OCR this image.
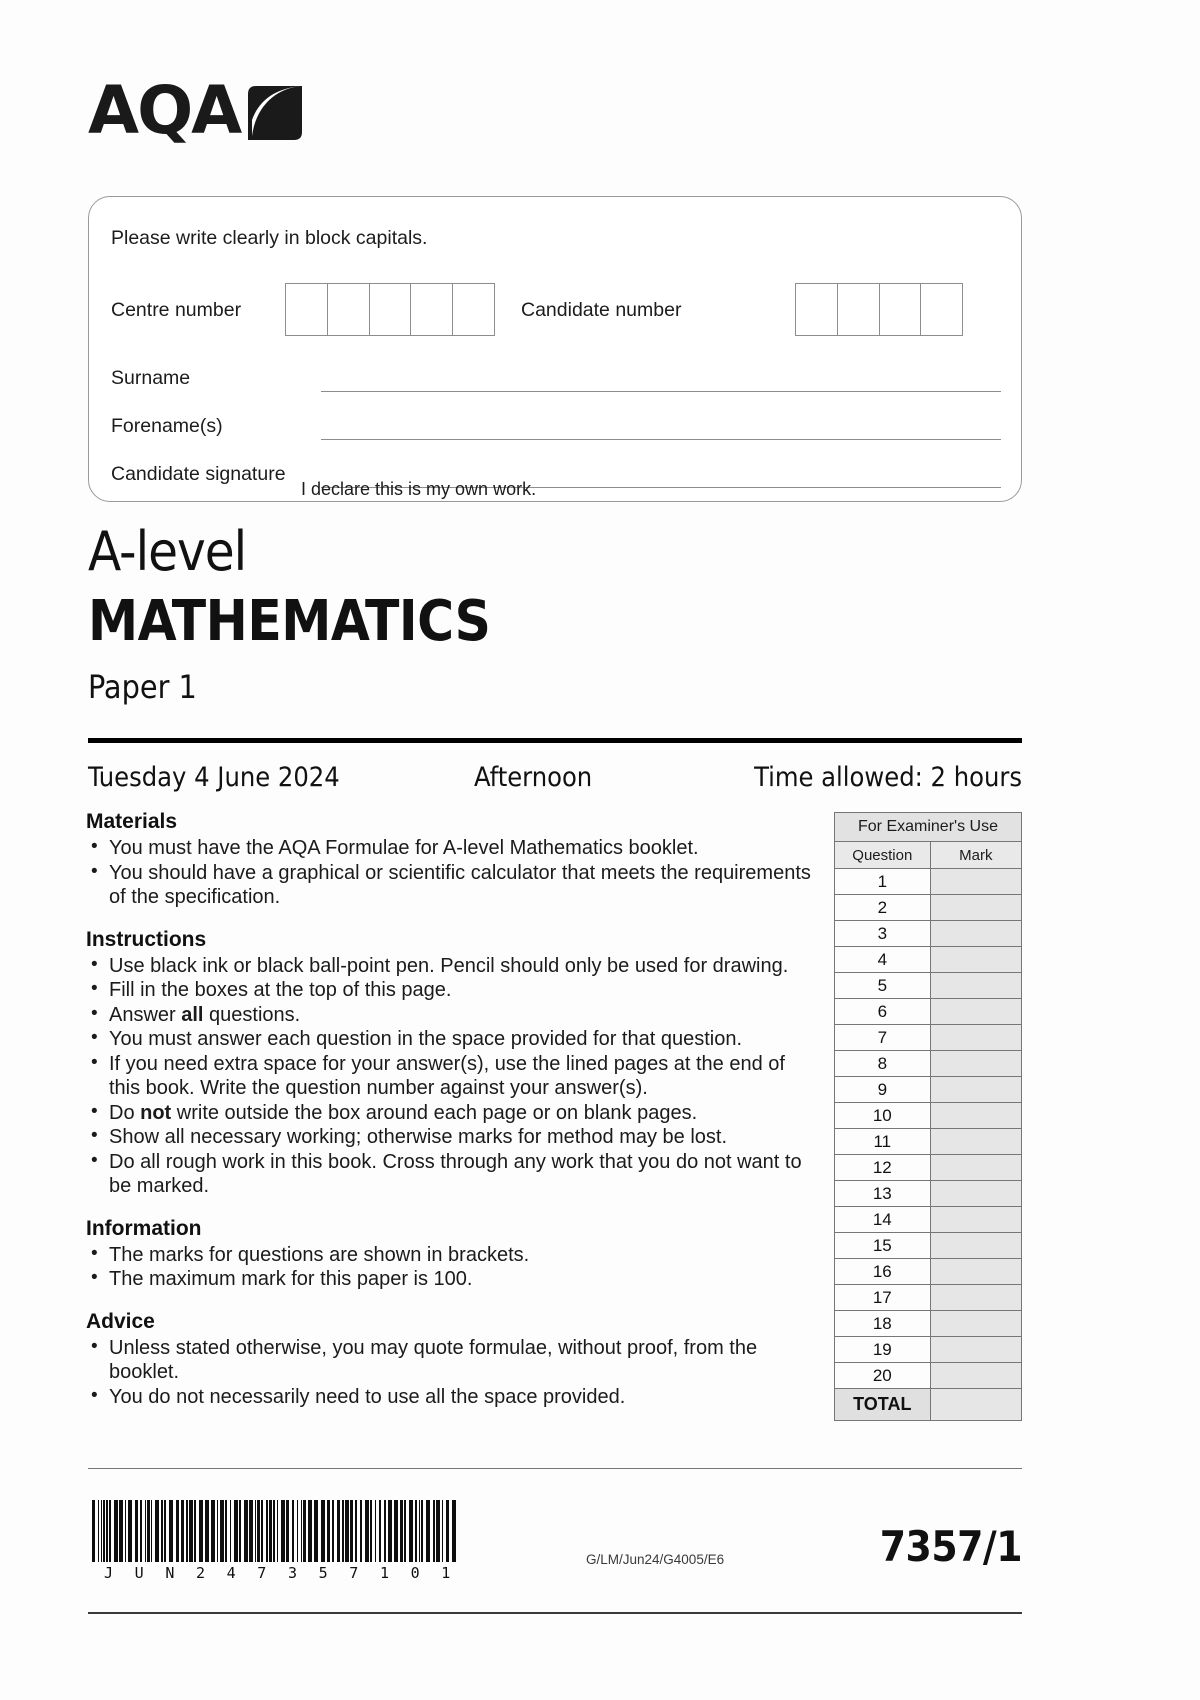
AQA
Please write clearly in block capitals.
Centre number	Candidate number
Surname
Forename(s)
Candidate signature
I declare this is my own work.
A-level
MATHEMATICS
Paper 1
Tuesday 4 June 2024	Afternoon	Time allowed: 2 hours
Materials
• You must have the AQA Formulae for A-level Mathematics booklet.
• You should have a graphical or scientific calculator that meets the requirements of the specification.
Instructions
• Use black ink or black ball-point pen. Pencil should only be used for drawing.
• Fill in the boxes at the top of this page.
• Answer all questions.
• You must answer each question in the space provided for that question.
• If you need extra space for your answer(s), use the lined pages at the end of this book. Write the question number against your answer(s).
• Do not write outside the box around each page or on blank pages.
• Show all necessary working; otherwise marks for method may be lost.
• Do all rough work in this book. Cross through any work that you do not want to be marked.
Information
• The marks for questions are shown in brackets.
• The maximum mark for this paper is 100.
Advice
• Unless stated otherwise, you may quote formulae, without proof, from the booklet.
• You do not necessarily need to use all the space provided.
For Examiner's Use	
Question	Mark
1	
2	
3	
4	
5	
6	
7	
8	
9	
10	
11	
12	
13	
14	
15	
16	
17	
18	
19	
20	
TOTAL	
J U N 2 4 7 3 5 7 1 0 1
G/LM/Jun24/G4005/E6	7357/1
